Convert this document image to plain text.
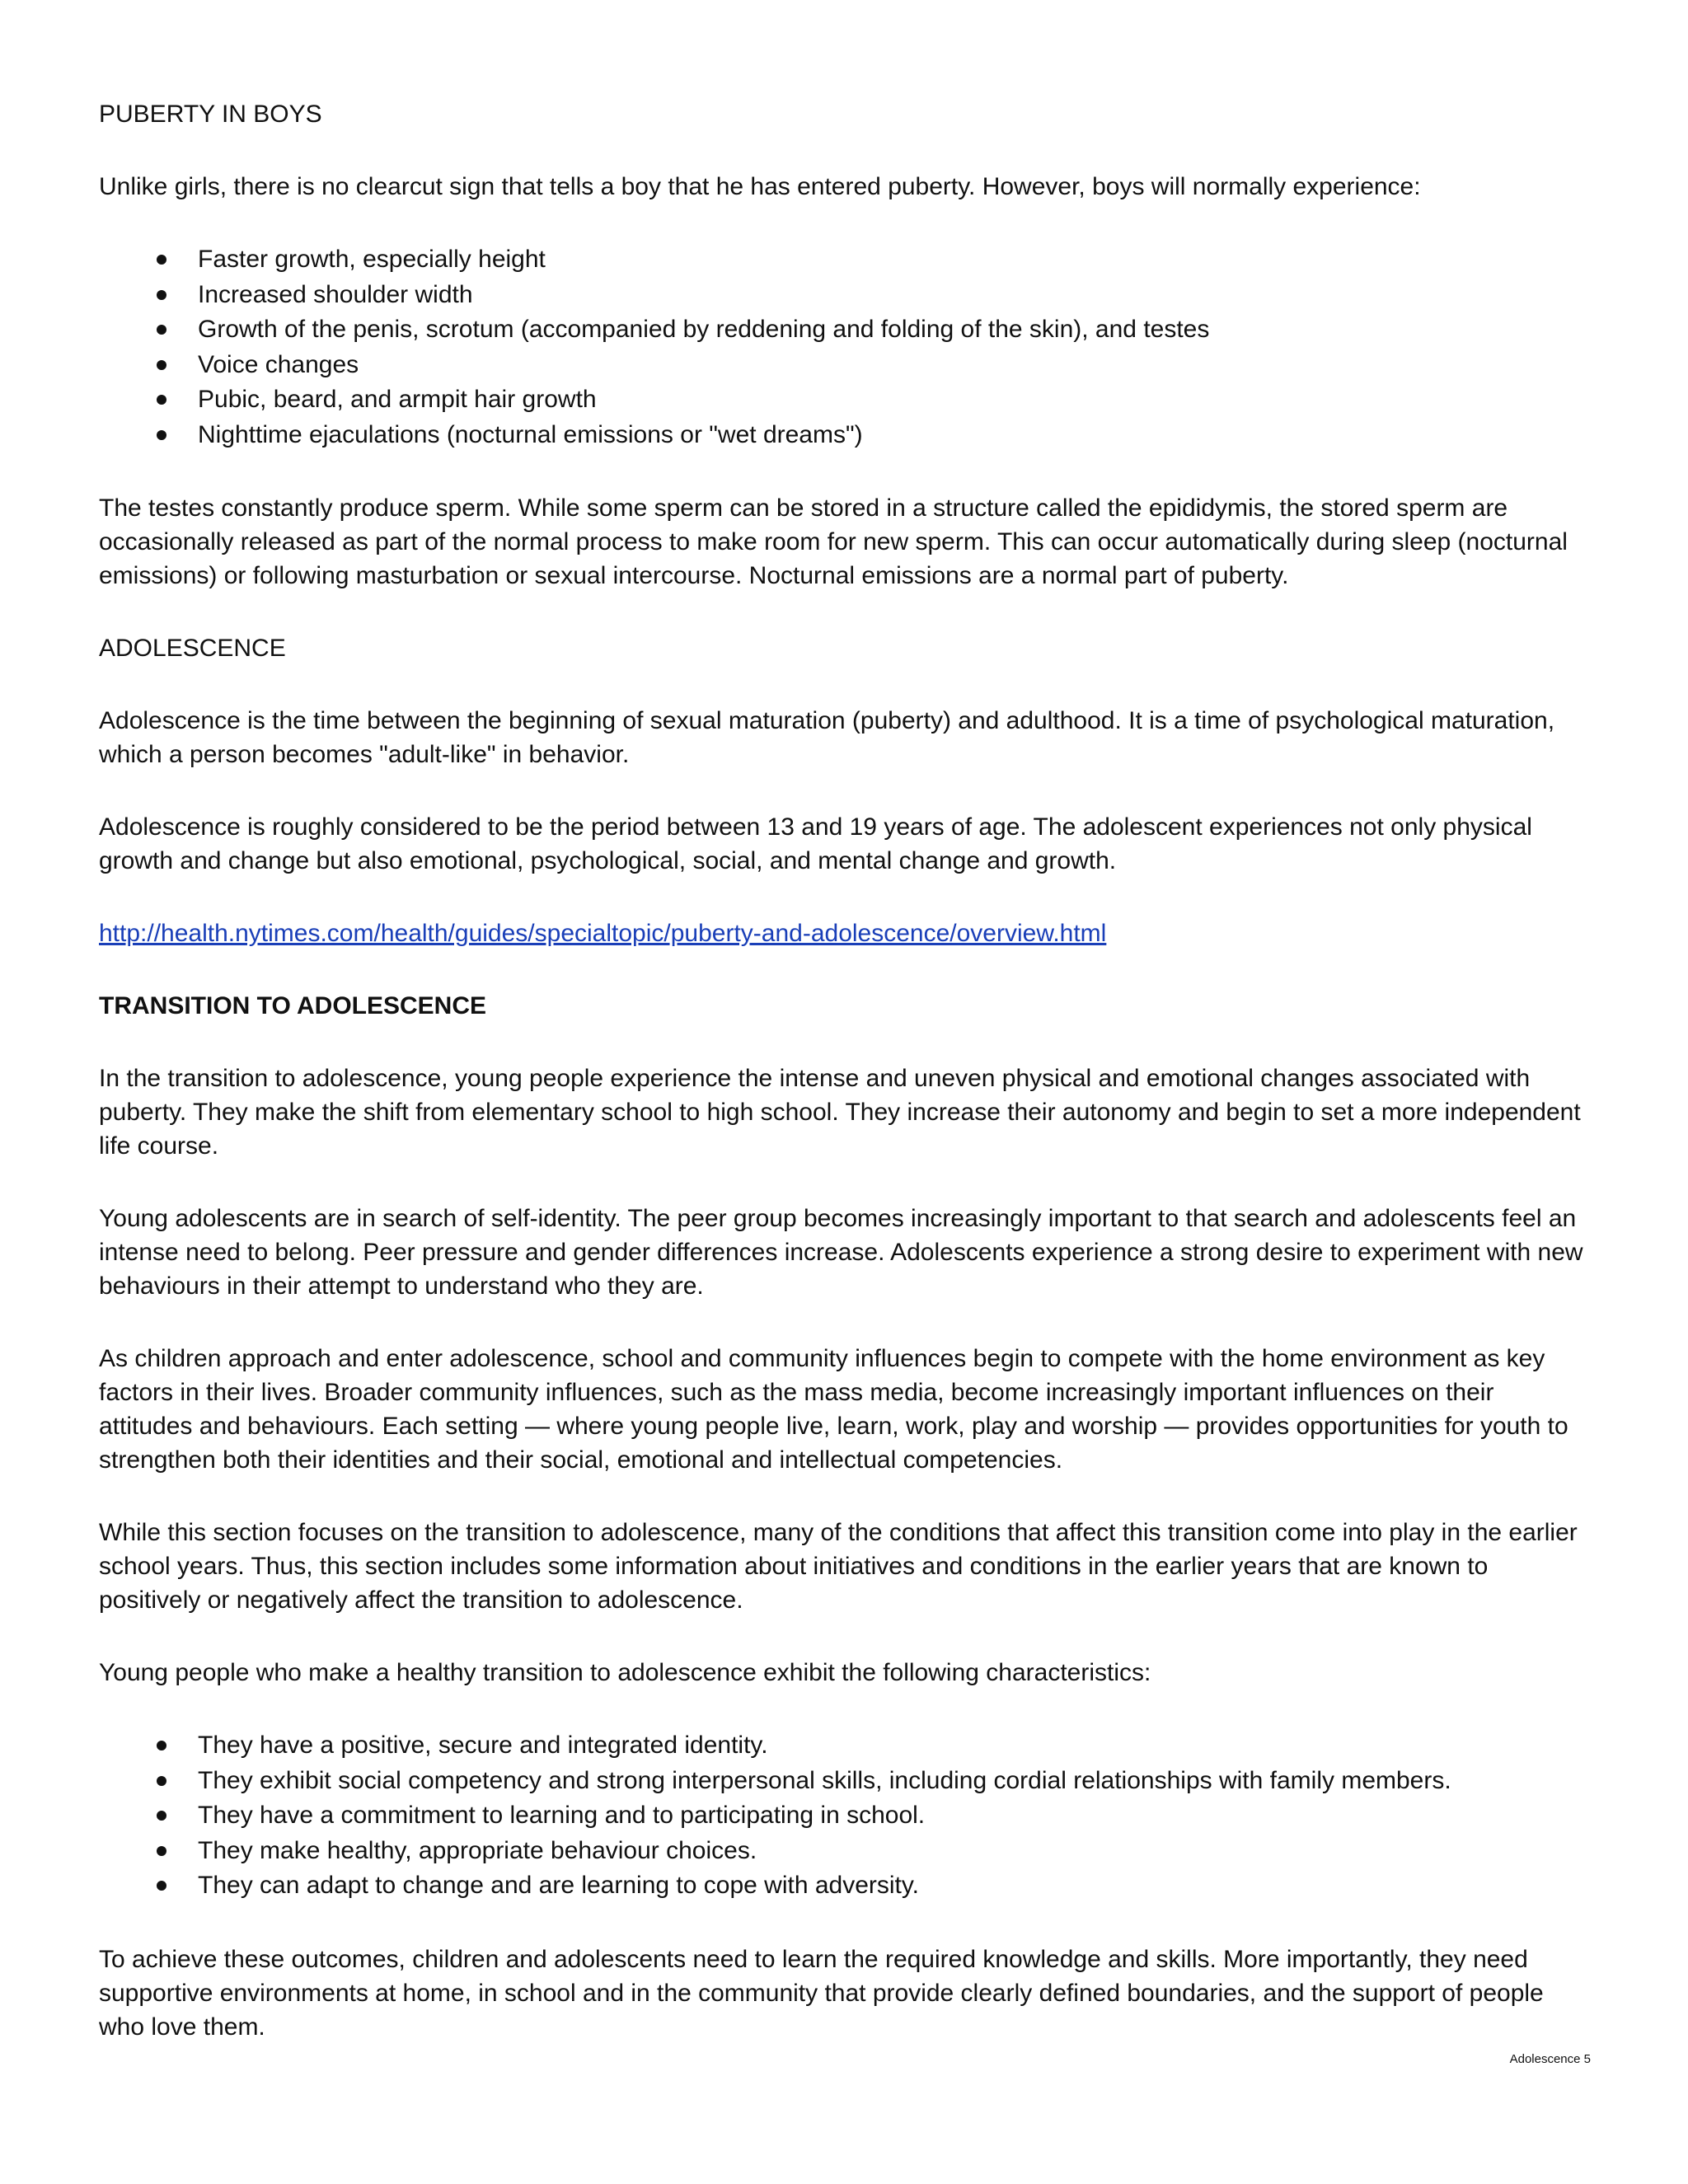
PUBERTY IN BOYS

Unlike girls, there is no clearcut sign that tells a boy that he has entered puberty. However, boys will normally experience:

Faster growth, especially height
Increased shoulder width
Growth of the penis, scrotum (accompanied by reddening and folding of the skin), and testes
Voice changes
Pubic, beard, and armpit hair growth
Nighttime ejaculations (nocturnal emissions or "wet dreams")

The testes constantly produce sperm. While some sperm can be stored in a structure called the epididymis, the stored sperm are occasionally released as part of the normal process to make room for new sperm. This can occur automatically during sleep (nocturnal emissions) or following masturbation or sexual intercourse. Nocturnal emissions are a normal part of puberty.

ADOLESCENCE

Adolescence is the time between the beginning of sexual maturation (puberty) and adulthood. It is a time of psychological maturation, which a person becomes "adult-like" in behavior.

Adolescence is roughly considered to be the period between 13 and 19 years of age. The adolescent experiences not only physical growth and change but also emotional, psychological, social, and mental change and growth.

http://health.nytimes.com/health/guides/specialtopic/puberty-and-adolescence/overview.html

TRANSITION TO ADOLESCENCE

In the transition to adolescence, young people experience the intense and uneven physical and emotional changes associated with puberty. They make the shift from elementary school to high school. They increase their autonomy and begin to set a more independent life course.

Young adolescents are in search of self-identity. The peer group becomes increasingly important to that search and adolescents feel an intense need to belong. Peer pressure and gender differences increase. Adolescents experience a strong desire to experiment with new behaviours in their attempt to understand who they are.

As children approach and enter adolescence, school and community influences begin to compete with the home environment as key factors in their lives. Broader community influences, such as the mass media, become increasingly important influences on their attitudes and behaviours. Each setting — where young people live, learn, work, play and worship — provides opportunities for youth to strengthen both their identities and their social, emotional and intellectual competencies.

While this section focuses on the transition to adolescence, many of the conditions that affect this transition come into play in the earlier school years. Thus, this section includes some information about initiatives and conditions in the earlier years that are known to positively or negatively affect the transition to adolescence.

Young people who make a healthy transition to adolescence exhibit the following characteristics:

They have a positive, secure and integrated identity.
They exhibit social competency and strong interpersonal skills, including cordial relationships with family members.
They have a commitment to learning and to participating in school.
They make healthy, appropriate behaviour choices.
They can adapt to change and are learning to cope with adversity.

To achieve these outcomes, children and adolescents need to learn the required knowledge and skills. More importantly, they need supportive environments at home, in school and in the community that provide clearly defined boundaries, and the support of people who love them.

Adolescence 5
